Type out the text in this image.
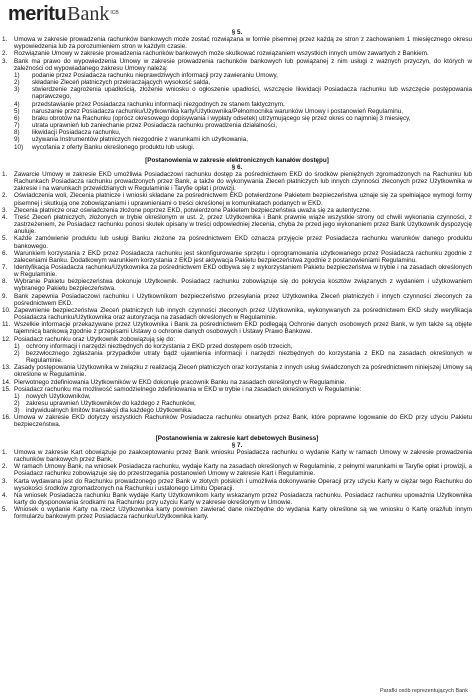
meritu Bank ICB

§ 5.

1. Umowa w zakresie prowadzenia rachunków bankowych może zostać rozwiązana w formie pisemnej przez każdą ze stron z zachowaniem 1 miesięcznego okresu wypowiedzenia lub za porozumieniem stron w każdym czasie.

2. Rozwiązanie Umowy w zakresie prowadzenia rachunków bankowych może skutkować rozwiązaniem wszystkich innych umów zawartych z Bankiem.

3. Bank ma prawo do wypowiedzenia Umowy w zakresie prowadzenia rachunków bankowych lub powiązanej z nim usługi z ważnych przyczyn, do których w zależności od wypowiadanego zakresu Umowy należą:

1) podanie przez Posiadacza rachunku nieprawdziwych informacji przy zawieraniu Umowy,

2) składanie Zleceń płatniczych przekraczających wysokość salda,

3) stwierdzenie zagrożenia upadłością, złożenie wniosku o ogłoszenie upadłości, wszczęcie likwidacji Posiadacza rachunku lub wszczęcie postępowania naprawczego,

4) przedstawianie przez Posiadacza rachunku informacji niezgodnych ze stanem faktycznym,

5) naruszanie przez Posiadacza rachunku/Użytkownika karty/Użytkownika/Pełnomocnika warunków Umowy i postanowień Regulaminu,

6) braku obrotów na Rachunku (oprócz okresowego dopisywania i wypłaty odsetek) utrzymującego się przez okres co najmniej 3 miesięcy,

7) utrata uprawnień lub zaniechanie przez Posiadacza rachunku prowadzenia działalności,

8) likwidacji Posiadacza rachunku,

9) używania Instrumentów płatniczych niezgodnie z warunkami ich użytkowania,

10) wycofania z oferty Banku określonego produktu lub usługi.

[Postanowienia w zakresie elektronicznych kanałów dostępu]

§ 6.

1. Zawarcie Umowy w zakresie EKD umożliwia Posiadaczowi rachunku dostęp za pośrednictwem EKD do środków pieniężnych zgromadzonych na Rachunku lub Rachunkach Posiadacza rachunku prowadzonych przez Bank, a także do wykonywania Zleceń płatniczych lub innych czynności zleconych przez Użytkownika w zakresie i na warunkach przewidzianych w Regulaminie i Taryfie opłat i prowizji.

2. Oświadczenia woli, Zlecenia płatnicze i wnioski składane za pośrednictwem EKD potwierdzone Pakietem bezpieczeństwa uznaje się za spełniające wymogi formy pisemnej i skutkują one zobowiązaniami i uprawnieniami o treści określonej w komunikatach podanych w EKD.

3. Zlecenia płatnicze oraz oświadczenia złożone poprzez EKD, potwierdzone Pakietem bezpieczeństwa uważa się za autentyczne.

4. Treść Zleceń płatniczych, złożonych w trybie określonym w ust. 2, przez Użytkownika i Bank prawnie wiąże wszystkie strony od chwili wykonania czynności, z zastrzeżeniem, że Posiadacz rachunku ponosi skutek opisany w treści odpowiedniej zlecenia, chyba że przed jego wykonaniem przez Bank Użytkownik dyspozycję anuluje.

5. Każde zamówienie produktu lub usługi Banku złożone za pośrednictwem EKD oznacza przyjęcie przez Posiadacza rachunku warunków danego produktu bankowego.

6. Warunkiem korzystania z EKD przez Posiadacza rachunku jest skonfigurowanie sprzętu i oprogramowania użytkowanego przez Posiadacza rachunku zgodnie z zaleceniami Banku. Dodatkowym warunkiem korzystania z EKD jest aktywacja Pakietu bezpieczeństwa zgodnie z postanowieniami Regulaminu.

7. Identyfikacja Posiadacza rachunku/Użytkownika za pośrednictwem EKD odbywa się z wykorzystaniem Pakietu bezpieczeństwa w trybie i na zasadach określonych w Regulaminie.

8. Wybranie Pakietu bezpieczeństwa dokonuje Użytkownik. Posiadacz rachunku zobowiązuje się do pokrycia kosztów związanych z wydaniem i użytkowaniem wybranego Pakietu bezpieczeństwa.

9. Bank zapewnia Posiadaczowi rachunku i Użytkownikom bezpieczeństwo przesyłania przez Użytkownika Zleceń płatniczych i innych czynności zleconych za pośrednictwem EKD.

10. Zapewnienie bezpieczeństwa Zleceń płatniczych lub innych czynności zleconych przez Użytkownika, wykonywanych za pośrednictwem EKD służy weryfikacja Posiadacza rachunku/Użytkownika oraz autoryzacja na zasadach określonych w Regulaminie.

11. Wszelkie informacje przekazywane przez Użytkownika i Bank za pośrednictwem EKD podlegają Ochronie danych osobowych przez Bank, w tym także są objęte tajemnicą bankową zgodnie z przepisami Ustawy o ochronie danych osobowych i Ustawy Prawo Bankowe.

12. Posiadacz rachunku oraz Użytkownik zobowiązują się do:

1) ochrony informacji i narzędzi niezbędnych do korzystania z EKD przed dostępem osób trzecich,

2) bezzwłocznego zgłaszania przypadków utraty bądź ujawnienia informacji i narzędzi niezbędnych do korzystania z EKD na zasadach określonych w Regulaminie.

13. Zasady postępowania Użytkownika w związku z realizacją Zleceń płatniczych oraz korzystania z innych usług świadczonych za pośrednictwem niniejszej Umowy są określone w Regulaminie.

14. Pierwotnego zdefiniowania Użytkowników w EKD dokonuje pracownik Banku na zasadach określonych w Regulaminie.

15. Posiadacz rachunku ma możliwość samodzielnego zdefiniowania w EKD w trybie i na zasadach określonych w Regulaminie:

1) nowych Użytkowników,

2) zakresu uprawnień Użytkowników do każdego z Rachunków,

3) indywidualnych limitów transakcji dla każdego Użytkownika.

16. Umowa w zakresie EKD dotyczy wszystkich Rachunków Posiadacza rachunku otwartych przez Bank, które poprawne logowanie do EKD przy użyciu Pakietu bezpieczeństwa.

[Postanowienia w zakresie kart debetowych Business]

§ 7.

1. Umowa w zakresie Kart obowiązuje po zaakceptowaniu przez Bank wniosku Posiadacza rachunku o wydanie Karty w ramach Umowy w zakresie prowadzenia rachunków bankowych przez Bank.

2. W ramach Umowy Bank, na wniosek Posiadacza rachunku, wydaje Karty na zasadach określonych w Regulaminie, z pełnymi warunkami w Taryfie opłat i prowizji, a Posiadacz rachunku zobowiązuje się do przestrzegania postanowień Umowy w zakresie Kart i Regulaminie.

3. Karta wydawana jest do Rachunku prowadzonego przez Bank w złotych polskich i umożliwia dokonywanie Operacji przy użyciu Karty w ciężar tego Rachunku do wysokości środków zgromadzonych na Rachunku i ustalonego Limitu Operacji.

4. Na wniosek Posiadacza rachunku Bank wydaje Karty Użytkownikom karty wskazanym przez Posiadacza rachunku. Posiadacz rachunku upoważnia Użytkownika karty do dysponowania środkami na Rachunku przy użyciu Karty w zakresie określonym w Umowie.

5. Wniosek o wydanie Karty na rzecz Użytkownika karty powinien zawierać dane niezbędne do wydania Karty określone są we wniosku o Kartę oraz/lub innym formularzu bankowym przez Posiadacza rachunku/Użytkownika karty.

Parafki osób reprezentujących Bank
